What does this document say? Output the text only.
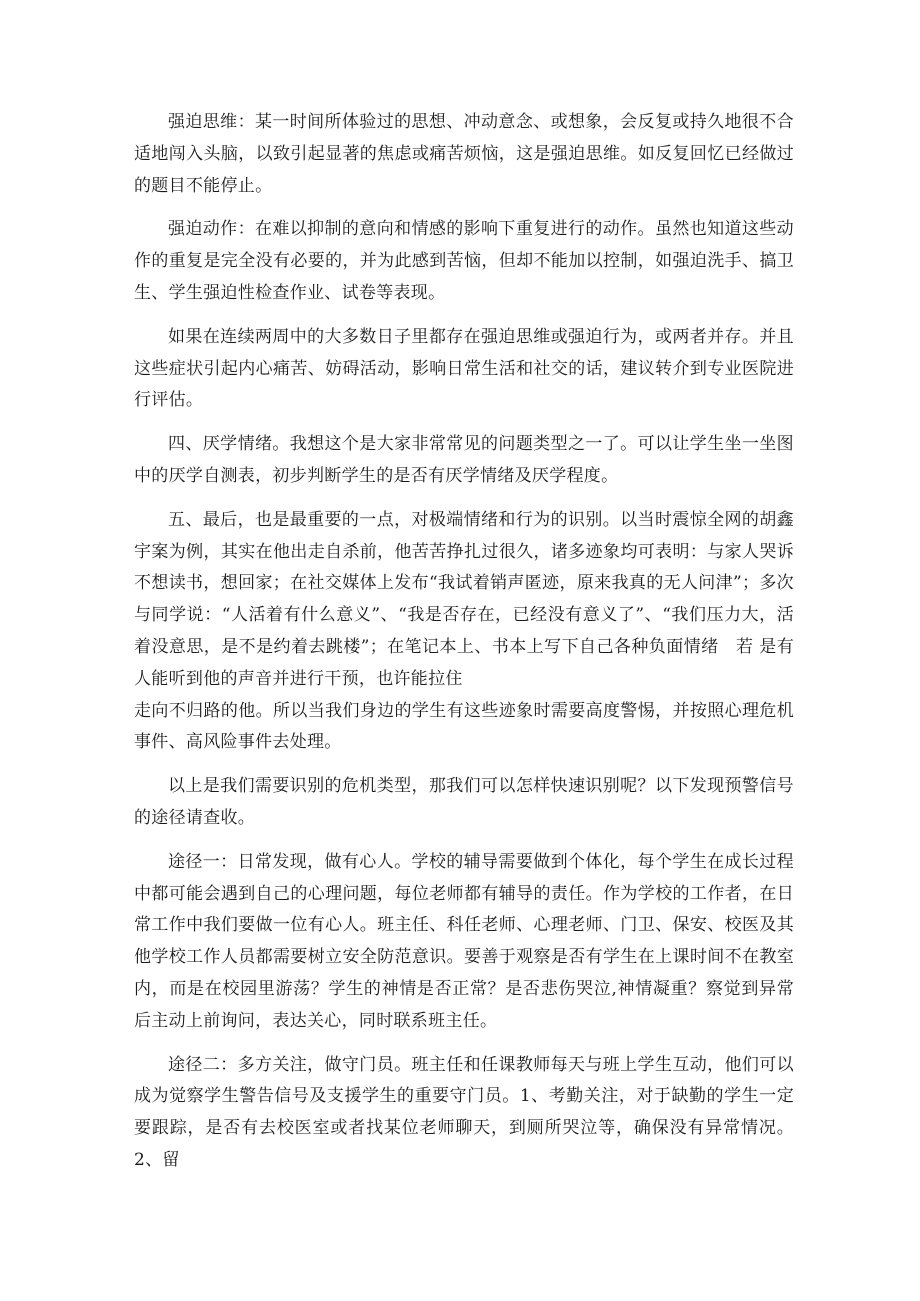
强迫思维：某一时间所体验过的思想、冲动意念、或想象，会反复或持久地很不合适地闯入头脑，以致引起显著的焦虑或痛苦烦恼，这是强迫思维。如反复回忆已经做过的题目不能停止。

强迫动作：在难以抑制的意向和情感的影响下重复进行的动作。虽然也知道这些动作的重复是完全没有必要的，并为此感到苦恼，但却不能加以控制，如强迫洗手、搞卫生、学生强迫性检查作业、试卷等表现。

如果在连续两周中的大多数日子里都存在强迫思维或强迫行为，或两者并存。并且这些症状引起内心痛苦、妨碍活动，影响日常生活和社交的话，建议转介到专业医院进行评估。

四、厌学情绪。我想这个是大家非常常见的问题类型之一了。可以让学生坐一坐图中的厌学自测表，初步判断学生的是否有厌学情绪及厌学程度。

五、最后，也是最重要的一点，对极端情绪和行为的识别。以当时震惊全网的胡鑫宇案为例，其实在他出走自杀前，他苦苦挣扎过很久，诸多迹象均可表明：与家人哭诉不想读书，想回家；在社交媒体上发布“我试着销声匿迹，原来我真的无人问津”；多次与同学说：“人活着有什么意义”、“我是否存在，已经没有意义了”、“我们压力大，活着没意思，是不是约着去跳楼”；在笔记本上、书本上写下自己各种负面情绪　若 是有人能听到他的声音并进行干预，也许能拉住

走向不归路的他。所以当我们身边的学生有这些迹象时需要高度警惕，并按照心理危机事件、高风险事件去处理。

以上是我们需要识别的危机类型，那我们可以怎样快速识别呢？以下发现预警信号的途径请查收。

途径一：日常发现，做有心人。学校的辅导需要做到个体化，每个学生在成长过程中都可能会遇到自己的心理问题，每位老师都有辅导的责任。作为学校的工作者，在日常工作中我们要做一位有心人。班主任、科任老师、心理老师、门卫、保安、校医及其他学校工作人员都需要树立安全防范意识。要善于观察是否有学生在上课时间不在教室内，而是在校园里游荡？学生的神情是否正常？是否悲伤哭泣,神情凝重？察觉到异常后主动上前询问，表达关心，同时联系班主任。

途径二：多方关注，做守门员。班主任和任课教师每天与班上学生互动，他们可以成为觉察学生警告信号及支援学生的重要守门员。1、考勤关注，对于缺勤的学生一定要跟踪，是否有去校医室或者找某位老师聊天，到厕所哭泣等，确保没有异常情况。2、留
